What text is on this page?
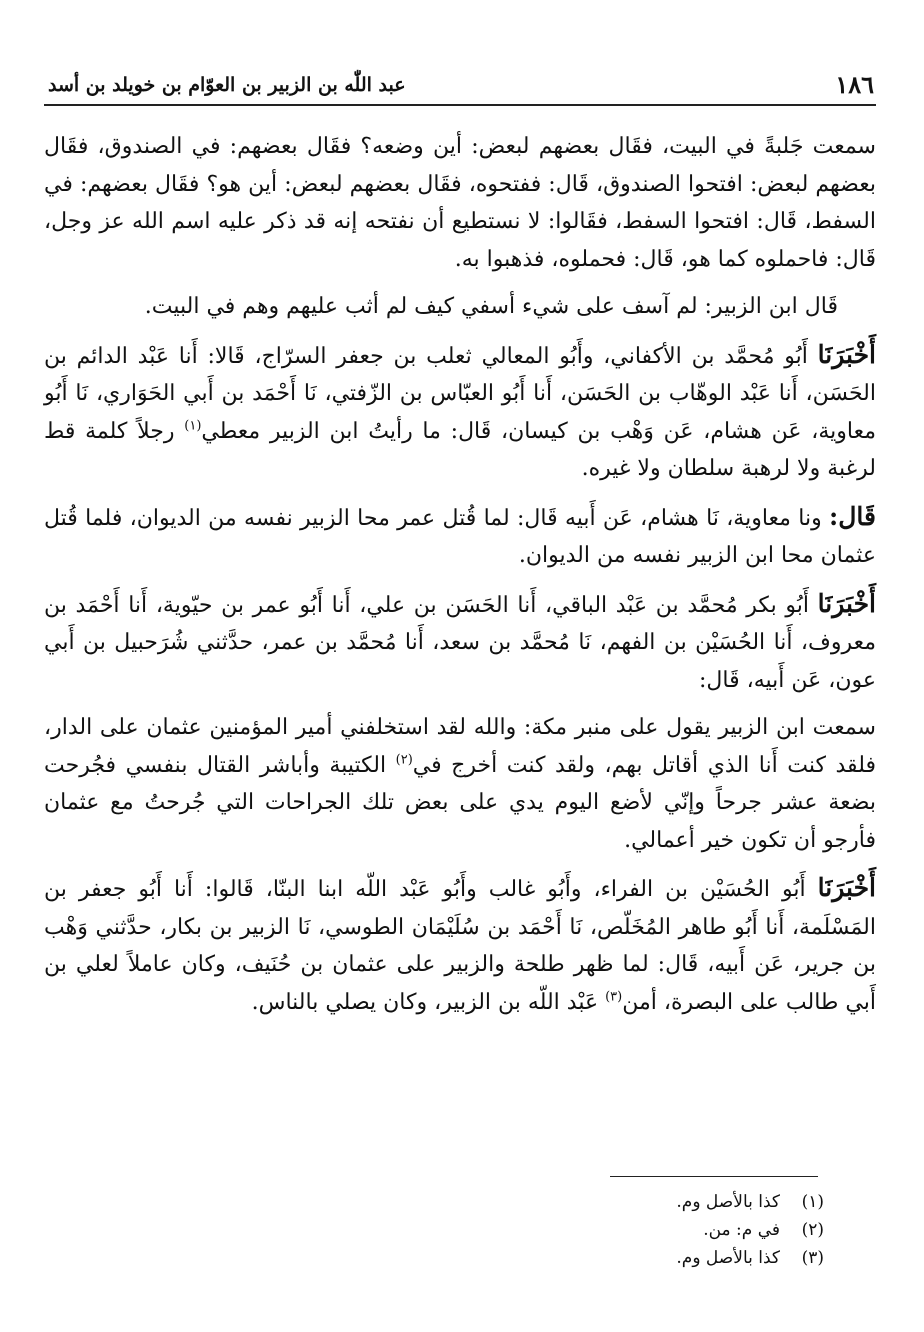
١٨٦
عبد اللّٰه بن الزبير بن العوّام بن خويلد بن أسد

سمعت جَلبةً في البيت، فقَال بعضهم لبعض: أين وضعه؟ فقَال بعضهم: في الصندوق، فقَال بعضهم لبعض: افتحوا الصندوق، قَال: ففتحوه، فقَال بعضهم لبعض: أين هو؟ فقَال بعضهم: في السفط، قَال: افتحوا السفط، فقَالوا: لا نستطيع أن نفتحه إنه قد ذكر عليه اسم الله عز وجل، قَال: فاحملوه كما هو، قَال: فحملوه، فذهبوا به.

قَال ابن الزبير: لم آسف على شيء أسفي كيف لم أثب عليهم وهم في البيت.

أَخْبَرَنَا أَبُو مُحمَّد بن الأكفاني، وأَبُو المعالي ثعلب بن جعفر السرّاج، قَالا: أَنا عَبْد الدائم بن الحَسَن، أَنا عَبْد الوهّاب بن الحَسَن، أَنا أَبُو العبّاس بن الزّفتي، نَا أَحْمَد بن أَبي الحَوَاري، نَا أَبُو معاوية، عَن هشام، عَن وَهْب بن كيسان، قَال: ما رأيتُ ابن الزبير معطي$^{(١)}$ رجلاً كلمة قط لرغبة ولا لرهبة سلطان ولا غيره.

قَال: ونا معاوية، نَا هشام، عَن أَبيه قَال: لما قُتل عمر محا الزبير نفسه من الديوان، فلما قُتل عثمان محا ابن الزبير نفسه من الديوان.

أَخْبَرَنَا أَبُو بكر مُحمَّد بن عَبْد الباقي، أَنا الحَسَن بن علي، أَنا أَبُو عمر بن حيّوية، أَنا أَحْمَد بن معروف، أَنا الحُسَيْن بن الفهم، نَا مُحمَّد بن سعد، أَنا مُحمَّد بن عمر، حدَّثني شُرَحبيل بن أَبي عون، عَن أَبيه، قَال:

سمعت ابن الزبير يقول على منبر مكة: والله لقد استخلفني أمير المؤمنين عثمان على الدار، فلقد كنت أَنا الذي أقاتل بهم، ولقد كنت أخرج في$^{(٢)}$ الكتيبة وأباشر القتال بنفسي فجُرحت بضعة عشر جرحاً وإنّي لأضع اليوم يدي على بعض تلك الجراحات التي جُرحتُ مع عثمان فأرجو أن تكون خير أعمالي.

أَخْبَرَنَا أَبُو الحُسَيْن بن الفراء، وأَبُو غالب وأَبُو عَبْد اللّه ابنا البنّا، قَالوا: أَنا أَبُو جعفر بن المَسْلَمة، أَنا أَبُو طاهر المُخَلّص، نَا أَحْمَد بن سُلَيْمَان الطوسي، نَا الزبير بن بكار، حدَّثني وَهْب بن جرير، عَن أَبيه، قَال: لما ظهر طلحة والزبير على عثمان بن حُنَيف، وكان عاملاً لعلي بن أَبي طالب على البصرة، أمن$^{(٣)}$ عَبْد اللّه بن الزبير، وكان يصلي بالناس.

(١)كذا بالأصل وم.
(٢)في م: من.
(٣)كذا بالأصل وم.
